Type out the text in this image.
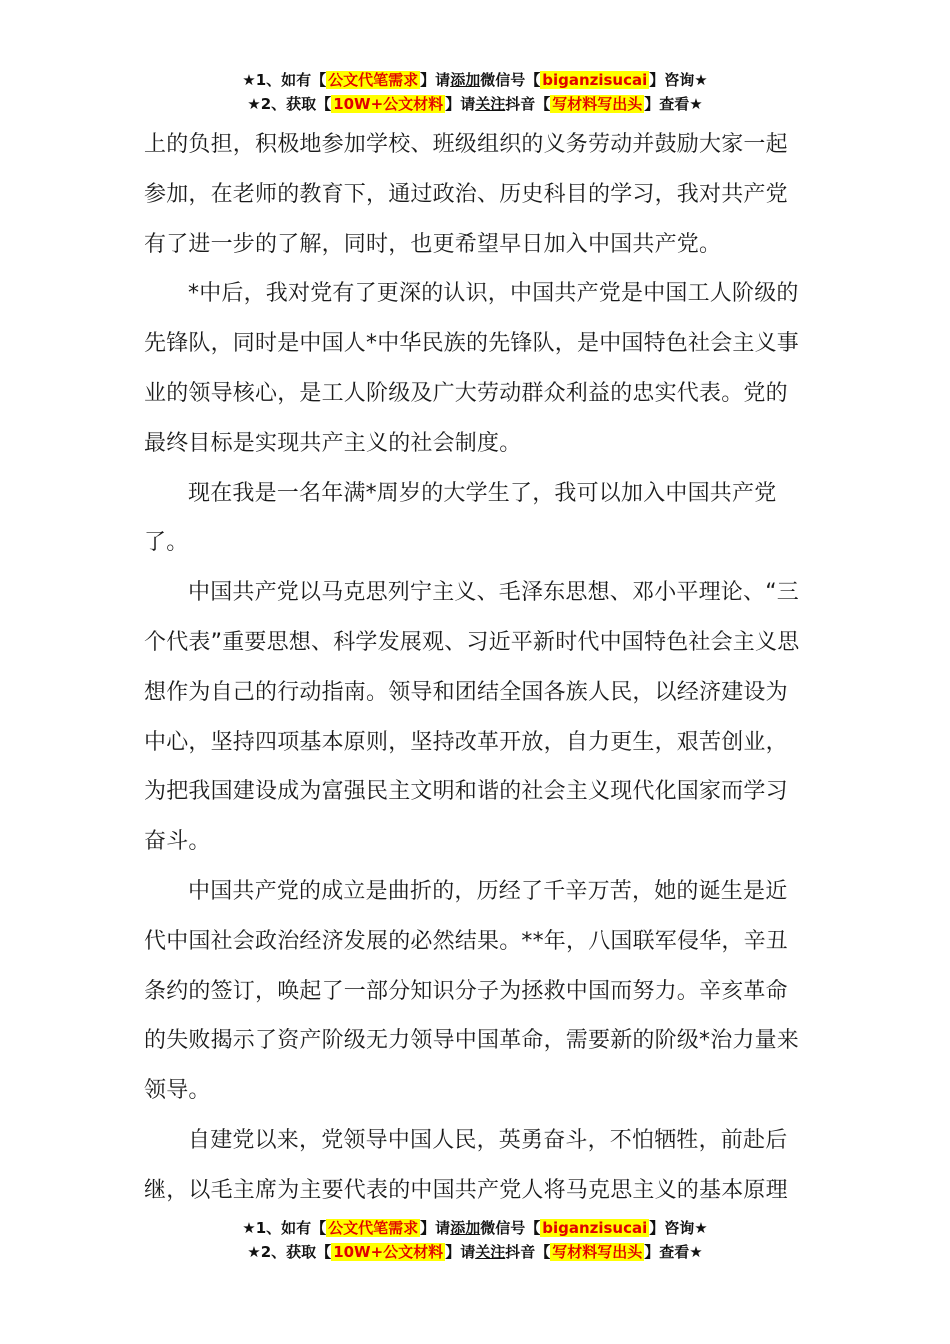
★1、如有【 公文代笔需求 】请添加微信号【 biganzisucai 】咨询★
★2、获取【 10W+公文材料 】请关注抖音【 写材料写出头 】查看★

上的负担，积极地参加学校、班级组织的义务劳动并鼓励大家一起参加，在老师的教育下，通过政治、历史科目的学习，我对共产党有了进一步的了解，同时，也更希望早日加入中国共产党。

*中后，我对党有了更深的认识，中国共产党是中国工人阶级的先锋队，同时是中国人*中华民族的先锋队，是中国特色社会主义事业的领导核心，是工人阶级及广大劳动群众利益的忠实代表。党的最终目标是实现共产主义的社会制度。

现在我是一名年满*周岁的大学生了，我可以加入中国共产党了。

中国共产党以马克思列宁主义、毛泽东思想、邓小平理论、“三个代表”重要思想、科学发展观、习近平新时代中国特色社会主义思想作为自己的行动指南。领导和团结全国各族人民，以经济建设为中心，坚持四项基本原则，坚持改革开放，自力更生，艰苦创业，为把我国建设成为富强民主文明和谐的社会主义现代化国家而学习奋斗。

中国共产党的成立是曲折的，历经了千辛万苦，她的诞生是近代中国社会政治经济发展的必然结果。**年，八国联军侵华，辛丑条约的签订，唤起了一部分知识分子为拯救中国而努力。辛亥革命的失败揭示了资产阶级无力领导中国革命，需要新的阶级*治力量来领导。

自建党以来，党领导中国人民，英勇奋斗，不怕牺牲，前赴后继，以毛主席为主要代表的中国共产党人将马克思主义的基本原理

★1、如有【 公文代笔需求 】请添加微信号【 biganzisucai 】咨询★
★2、获取【 10W+公文材料 】请关注抖音【 写材料写出头 】查看★
